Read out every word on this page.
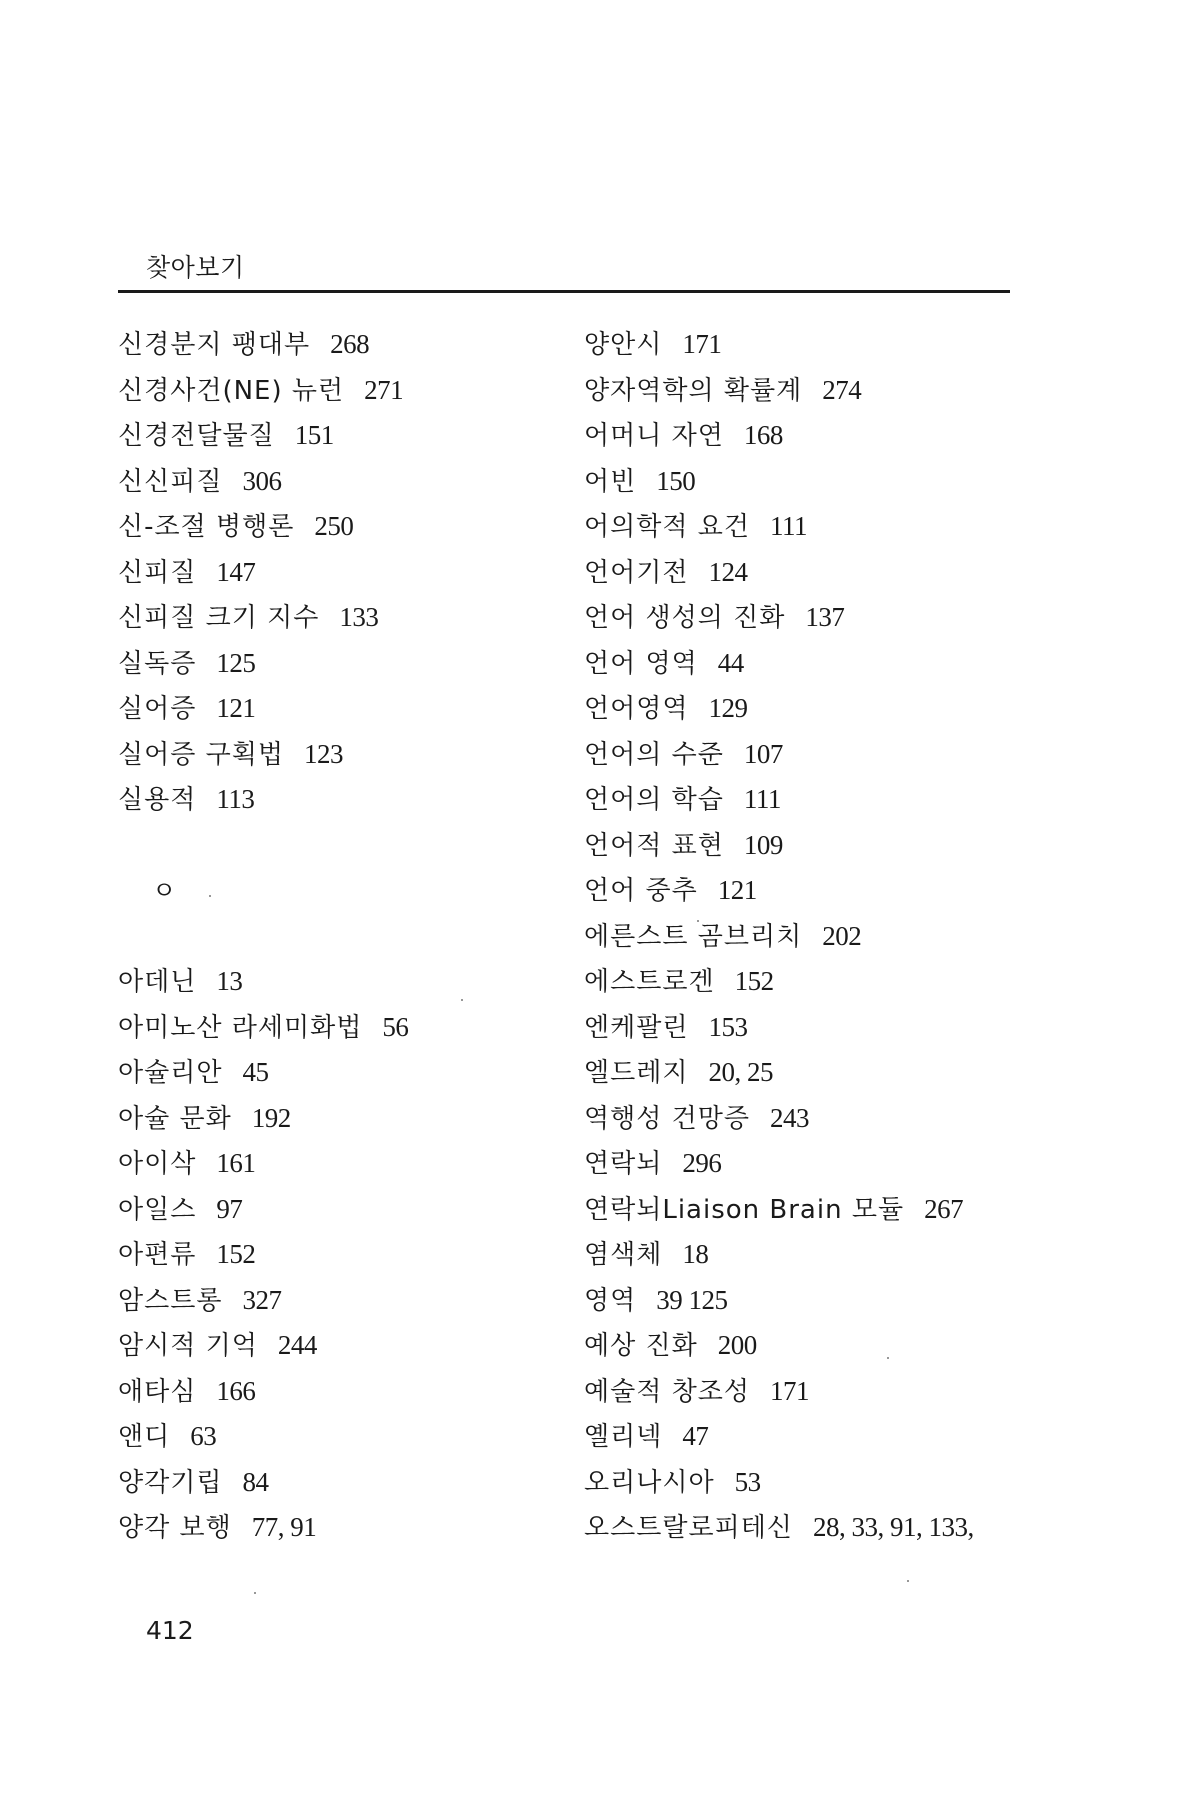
찾아보기
신경분지 팽대부 268
신경사건(NE) 뉴런 271
신경전달물질 151
신신피질 306
신-조절 병행론 250
신피질 147
신피질 크기 지수 133
실독증 125
실어증 121
실어증 구획법 123
실용적 113
ㅇ
아데닌 13
아미노산 라세미화법 56
아슐리안 45
아슐 문화 192
아이삭 161
아일스 97
아편류 152
암스트롱 327
암시적 기억 244
애타심 166
앤디 63
양각기립 84
양각 보행 77, 91
양안시 171
양자역학의 확률계 274
어머니 자연 168
어빈 150
어의학적 요건 111
언어기전 124
언어 생성의 진화 137
언어 영역 44
언어영역 129
언어의 수준 107
언어의 학습 111
언어적 표현 109
언어 중추 121
에른스트 곰브리치 202
에스트로겐 152
엔케팔린 153
엘드레지 20, 25
역행성 건망증 243
연락뇌 296
연락뇌Liaison Brain 모듈 267
염색체 18
영역 39 125
예상 진화 200
예술적 창조성 171
옐리넥 47
오리나시아 53
오스트랄로피테신 28, 33, 91, 133,
412
